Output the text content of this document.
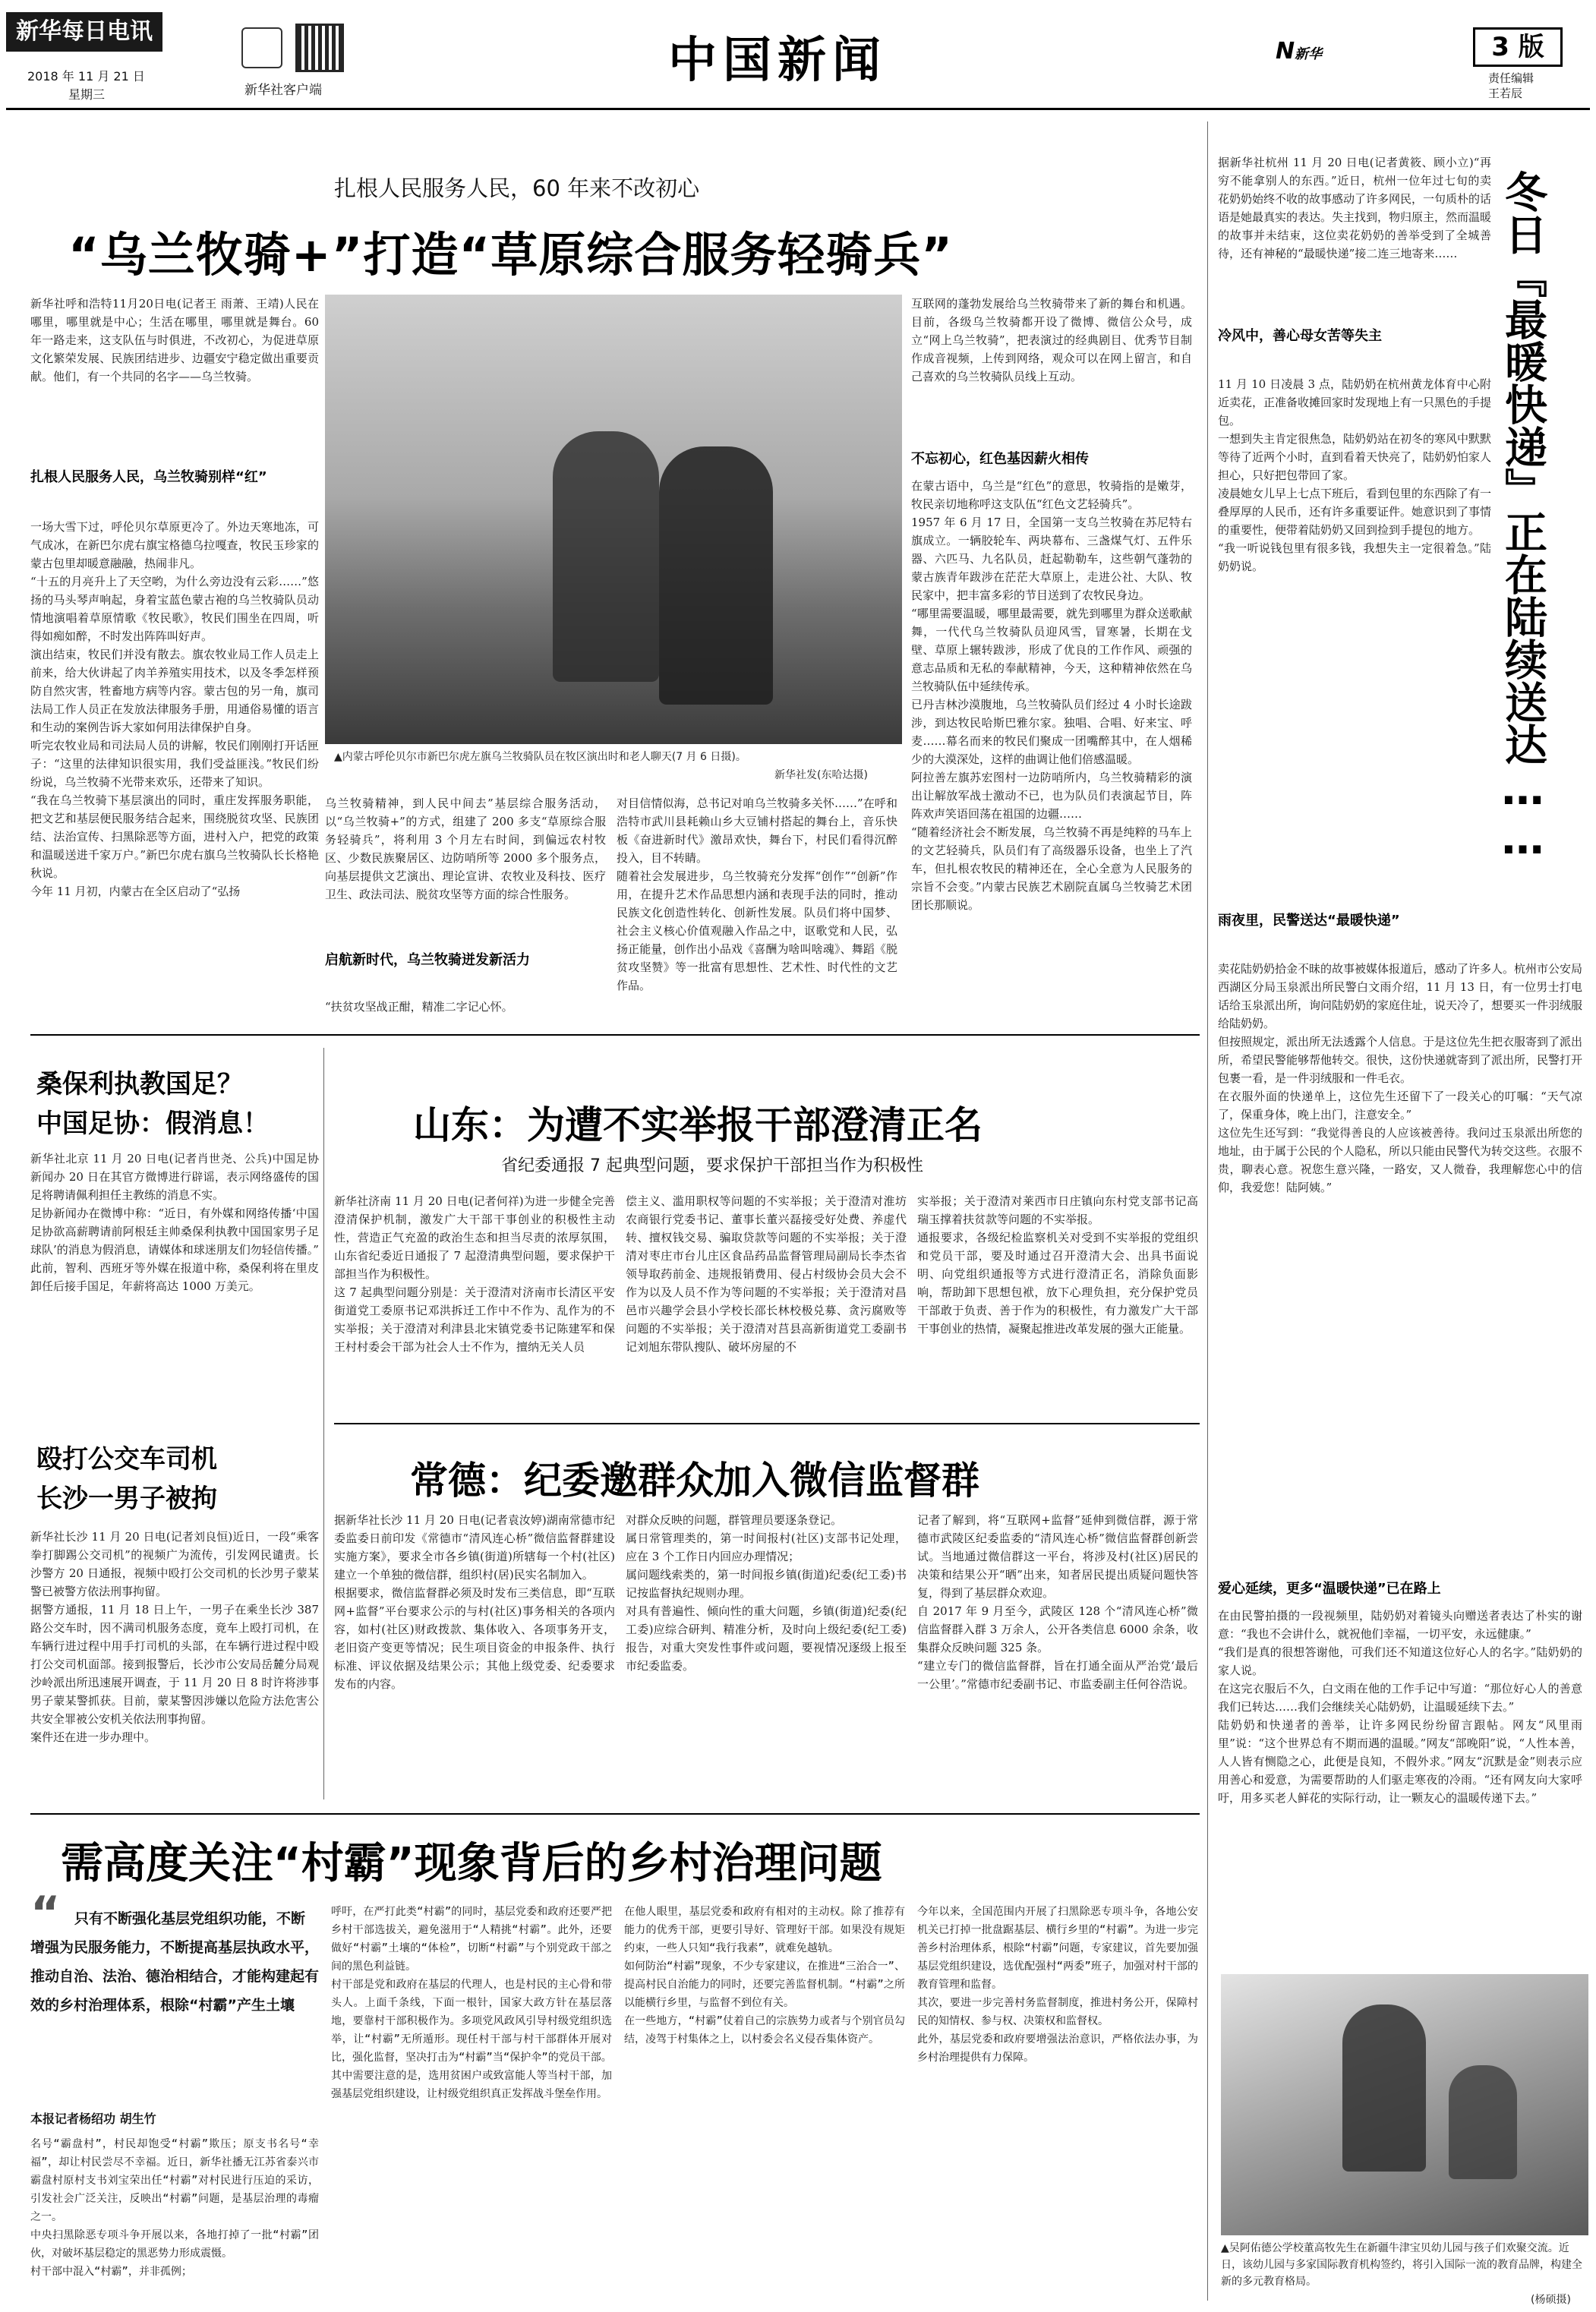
新华每日电讯
2018 年 11 月 21 日
星期三	新华社客户端
中国新闻	N新华	3 版
责任编辑
王若辰
扎根人民服务人民，60 年来不改初心
“乌兰牧骑+”打造“草原综合服务轻骑兵”
新华社呼和浩特11月20日电(记者王 雨萧、王靖)人民在哪里，哪里就是中心；生活在哪里，哪里就是舞台。60 年一路走来，这支队伍与时俱进，不改初心，为促进草原文化繁荣发展、民族团结进步、边疆安宁稳定做出重要贡献。他们，有一个共同的名字——乌兰牧骑。
扎根人民服务人民，乌兰牧骑别样“红”
一场大雪下过，呼伦贝尔草原更冷了。外边天寒地冻，可气成冰，在新巴尔虎右旗宝格德乌拉嘎查，牧民玉珍家的蒙古包里却暖意融融，热闹非凡。
“十五的月亮升上了天空哟，为什么旁边没有云彩……”悠扬的马头琴声响起，身着宝蓝色蒙古袍的乌兰牧骑队员动情地演唱着草原情歌《牧民歌》，牧民们围坐在四周，听得如痴如醉，不时发出阵阵叫好声。
演出结束，牧民们并没有散去。旗农牧业局工作人员走上前来，给大伙讲起了肉羊养殖实用技术，以及冬季怎样预防自然灾害，牲畜地方病等内容。蒙古包的另一角，旗司法局工作人员正在发放法律服务手册，用通俗易懂的语言和生动的案例告诉大家如何用法律保护自身。
听完农牧业局和司法局人员的讲解，牧民们刚刚打开话匣子：“这里的法律知识很实用，我们受益匪浅。”牧民们纷纷说，乌兰牧骑不光带来欢乐，还带来了知识。
“我在乌兰牧骑下基层演出的同时，重庄发挥服务职能，把文艺和基层便民服务结合起来，围绕脱贫攻坚、民族团结、法治宣传、扫黑除恶等方面，进村入户，把党的政策和温暖送进千家万户。”新巴尔虎右旗乌兰牧骑队长长格艳秋说。
今年 11 月初，内蒙古在全区启动了“弘扬
▲内蒙古呼伦贝尔市新巴尔虎左旗乌兰牧骑队员在牧区演出时和老人聊天(7 月 6 日摄)。
新华社发(东哈达摄)
乌兰牧骑精神，到人民中间去”基层综合服务活动，以“乌兰牧骑+”的方式，组建了 200 多支“草原综合服务轻骑兵”，将利用 3 个月左右时间，到偏远农村牧区、少数民族聚居区、边防哨所等 2000 多个服务点，向基层提供文艺演出、理论宣讲、农牧业及科技、医疗卫生、政法司法、脱贫攻坚等方面的综合性服务。
启航新时代，乌兰牧骑迸发新活力
“扶贫攻坚战正酣，精准二字记心怀。
对目信情似海，总书记对咱乌兰牧骑多关怀……”在呼和浩特市武川县耗赖山乡大豆铺村搭起的舞台上，音乐快板《奋进新时代》激昂欢快，舞台下，村民们看得沉醉投入，目不转睛。
随着社会发展进步，乌兰牧骑充分发挥“创作”“创新”作用，在提升艺术作品思想内涵和表现手法的同时，推动民族文化创造性转化、创新性发展。队员们将中国梦、社会主义核心价值观融入作品之中，讴歌党和人民，弘扬正能量，创作出小品戏《喜酬为啥叫啥魂》、舞蹈《脱贫攻坚赞》等一批富有思想性、艺术性、时代性的文艺作品。
互联网的蓬勃发展给乌兰牧骑带来了新的舞台和机遇。目前，各级乌兰牧骑都开设了微博、微信公众号，成立“网上乌兰牧骑”，把表演过的经典剧目、优秀节目制作成音视频，上传到网络，观众可以在网上留言，和自己喜欢的乌兰牧骑队员线上互动。
不忘初心，红色基因薪火相传
在蒙古语中，乌兰是“红色”的意思，牧骑指的是嫩芽，牧民亲切地称呼这支队伍“红色文艺轻骑兵”。
1957 年 6 月 17 日，全国第一支乌兰牧骑在苏尼特右旗成立。一辆胶轮车、两块幕布、三盏煤气灯、五件乐器、六匹马、九名队员，赶起勒勒车，这些朝气蓬勃的蒙古族青年跋涉在茫茫大草原上，走进公社、大队、牧民家中，把丰富多彩的节目送到了农牧民身边。
“哪里需要温暖，哪里最需要，就先到哪里为群众送歌献舞，一代代乌兰牧骑队员迎风雪，冒寒暑，长期在戈壁、草原上辗转跋涉，形成了优良的工作作风、顽强的意志品质和无私的奉献精神，今天，这种精神依然在乌兰牧骑队伍中延续传承。
已丹吉林沙漠腹地，乌兰牧骑队员们经过 4 小时长途跋涉，到达牧民哈斯巴雅尔家。独唱、合唱、好来宝、呼麦……幕名而来的牧民们聚成一团嘴醉其中，在人烟稀少的大漠深处，这样的曲调让他们倍感温暖。
阿拉善左旗苏宏图村一边防哨所内，乌兰牧骑精彩的演出让解放军战士激动不已，也为队员们表演起节目，阵阵欢声笑语回荡在祖国的边疆……
“随着经济社会不断发展，乌兰牧骑不再是纯粹的马车上的文艺轻骑兵，队员们有了高级器乐设备，也坐上了汽车，但扎根农牧民的精神还在，全心全意为人民服务的宗旨不会变。”内蒙古民族艺术剧院直属乌兰牧骑艺术团团长那顺说。
桑保利执教国足？
中国足协：假消息！
新华社北京 11 月 20 日电(记者肖世尧、公兵)中国足协新闻办 20 日在其官方微博进行辟谣，表示网络盛传的国足将聘请佩利担任主教练的消息不实。
足协新闻办在微博中称：“近日，有外媒和网络传播‘中国足协欲高薪聘请前阿根廷主帅桑保利执教中国国家男子足球队’的消息为假消息，请媒体和球迷朋友们勿轻信传播。”
此前，智利、西班牙等外媒在报道中称，桑保利将在里皮卸任后接手国足，年薪将高达 1000 万美元。
殴打公交车司机
长沙一男子被拘
新华社长沙 11 月 20 日电(记者刘良恒)近日，一段“乘客拳打脚踢公交司机”的视频广为流传，引发网民谴责。长沙警方 20 日通报，视频中殴打公交司机的长沙男子蒙某警已被警方依法刑事拘留。
据警方通报，11 月 18 日上午，一男子在乘坐长沙 387 路公交车时，因不满司机服务态度，竟车上殴打司机，在车辆行进过程中用手打司机的头部，在车辆行进过程中殴打公交司机面部。接到报警后，长沙市公安局岳麓分局观沙岭派出所迅速展开调查，于 11 月 20 日 8 时许将涉事男子蒙某警抓获。目前，蒙某警因涉嫌以危险方法危害公共安全罪被公安机关依法刑事拘留。
案件还在进一步办理中。
山东：为遭不实举报干部澄清正名
省纪委通报 7 起典型问题，要求保护干部担当作为积极性
新华社济南 11 月 20 日电(记者何祥)为进一步健全完善澄清保护机制，激发广大干部干事创业的积极性主动性，营造正气充盈的政治生态和担当尽责的浓厚氛围，山东省纪委近日通报了 7 起澄清典型问题，要求保护干部担当作为积极性。
这 7 起典型问题分别是：关于澄清对济南市长清区平安街道党工委原书记邓洪拆迁工作中不作为、乱作为的不实举报；关于澄清对利津县北宋镇党委书记陈建军和保王村村委会干部为社会人士不作为，擅纳无关人员
偿主义、滥用职权等问题的不实举报；关于澄清对淮坊农商银行党委书记、董事长董兴磊接受好处费、养虚代转、擅权钱交易、骗取贷款等问题的不实举报；关于澄清对枣庄市台儿庄区食品药品监督管理局副局长李杰省领导取药前金、违规报销费用、侵占村级协会员大会不作为以及人员不作为等问题的不实举报；关于澄清对昌邑市兴趣学会县小学校长邵长林校极兑募、贪污腐败等问题的不实举报；关于澄清对莒县高新街道党工委副书记刘旭东带队搜队、破坏房屋的不
实举报；关于澄清对莱西市日庄镇向东村党支部书记高瑞玉撑着扶贫款等问题的不实举报。
通报要求，各级纪检监察机关对受到不实举报的党组织和党员干部，要及时通过召开澄清大会、出具书面说明、向党组织通报等方式进行澄清正名，消除负面影响，帮助卸下思想包袱，放下心理负担，充分保护党员干部敢于负责、善于作为的积极性，有力激发广大干部干事创业的热情，凝聚起推进改革发展的强大正能量。
常德：纪委邀群众加入微信监督群
据新华社长沙 11 月 20 日电(记者袁汝婷)湖南常德市纪委监委日前印发《常德市“清风连心桥”微信监督群建设实施方案》，要求全市各乡镇(街道)所辖每一个村(社区)建立一个单独的微信群，组织村(居)民实名制加入。
根据要求，微信监督群必须及时发布三类信息，即“互联网+监督”平台要求公示的与村(社区)事务相关的各项内容，如村(社区)财政拨款、集体收入、各项事务开支，老旧资产变更等情况；民生项目资金的申报条件、执行标准、评议依据及结果公示；其他上级党委、纪委要求发布的内容。
对群众反映的问题，群管理员要逐条登记。
属日常管理类的，第一时间报村(社区)支部书记处理，应在 3 个工作日内回应办理情况；
属问题线索类的，第一时间报乡镇(街道)纪委(纪工委)书记按监督执纪规则办理。
对具有普遍性、倾向性的重大问题，乡镇(街道)纪委(纪工委)应综合研判、精准分析，及时向上级纪委(纪工委)报告，对重大突发性事件或问题，要视情况逐级上报至市纪委监委。
记者了解到，将“互联网+监督”延伸到微信群，源于常德市武陵区纪委监委的“清风连心桥”微信监督群创新尝试。当地通过微信群这一平台，将涉及村(社区)居民的决策和结果公开“晒”出来，知者居民提出质疑问题快答复，得到了基层群众欢迎。
自 2017 年 9 月至今，武陵区 128 个“清风连心桥”微信监督群入群 3 万余人，公开各类信息 6000 余条，收集群众反映问题 325 条。
“建立专门的微信监督群，旨在打通全面从严治党‘最后一公里’。”常德市纪委副书记、市监委副主任何谷浩说。
需高度关注“村霸”现象背后的乡村治理问题
“ 只有不断强化基层党组织功能，不断增强为民服务能力，不断提高基层执政水平，推动自治、法治、德治相结合，才能构建起有效的乡村治理体系，根除“村霸”产生土壤
本报记者杨绍功 胡生竹
名号“霸盘村”，村民却饱受“村霸”欺压；原支书名号“幸福”，却让村民尝尽不幸福。近日，新华社播无江苏省泰兴市霸盘村原村支书刘宝荣出任“村霸”对村民进行压迫的采访，引发社会广泛关注，反映出“村霸”问题，是基层治理的毒瘤之一。
中央扫黑除恶专项斗争开展以来，各地打掉了一批“村霸”团伙，对破坏基层稳定的黑恶势力形成震慑。
村干部中混入“村霸”，并非孤例；
呼吁，在严打此类“村霸”的同时，基层党委和政府还要严把乡村干部选拔关，避免滋用于“人精挑“村霸”。此外，还要做好“村霸”土壤的“体检”，切断“村霸”与个别党政干部之间的黑色利益链。
村干部是党和政府在基层的代理人，也是村民的主心骨和带头人。上面千条线，下面一根针，国家大政方针在基层落地，要靠村干部积极作为。多项党风政风引导村级党组织选举，让“村霸”无所遁形。现任村干部与村干部群体开展对比，强化监督，坚决打击为“村霸”当“保护伞”的党员干部。
其中需要注意的是，选用贫困户或致富能人等当村干部，加强基层党组织建设，让村级党组织真正发挥战斗堡垒作用。
在他人眼里，基层党委和政府有相对的主动权。除了推荐有能力的优秀干部，更要引导好、管理好干部。如果没有规矩约束，一些人只知“我行我素”，就难免越轨。
如何防治“村霸”现象，不少专家建议，在推进“三治合一”、提高村民自治能力的同时，还要完善监督机制。“村霸”之所以能横行乡里，与监督不到位有关。
在一些地方，“村霸”仗着自己的宗族势力或者与个别官员勾结，凌驾于村集体之上，以村委会名义侵吞集体资产。
今年以来，全国范围内开展了扫黑除恶专项斗争，各地公安机关已打掉一批盘踞基层、横行乡里的“村霸”。为进一步完善乡村治理体系，根除“村霸”问题，专家建议，首先要加强基层党组织建设，选优配强村“两委”班子，加强对村干部的教育管理和监督。
其次，要进一步完善村务监督制度，推进村务公开，保障村民的知情权、参与权、决策权和监督权。
此外，基层党委和政府要增强法治意识，严格依法办事，为乡村治理提供有力保障。
据新华社杭州 11 月 20 日电(记者黄筱、顾小立)“再穷不能拿别人的东西。”近日，杭州一位年过七旬的卖花奶奶始终不收的故事感动了许多网民，一句质朴的话语是她最真实的表达。失主找到，物归原主，然而温暖的故事并未结束，这位卖花奶奶的善举受到了全城善待，还有神秘的“最暖快递”接二连三地寄来…… 冬日『最暖快递』正在陆续送达……
冷风中，善心母女苦等失主
11 月 10 日凌晨 3 点，陆奶奶在杭州黄龙体育中心附近卖花，正准备收摊回家时发现地上有一只黑色的手提包。
一想到失主肯定很焦急，陆奶奶站在初冬的寒风中默默等待了近两个小时，直到看着天快亮了，陆奶奶怕家人担心，只好把包带回了家。
凌晨她女儿早上七点下班后，看到包里的东西除了有一叠厚厚的人民币，还有许多重要证件。她意识到了事情的重要性，便带着陆奶奶又回到捡到手提包的地方。
“我一听说钱包里有很多钱，我想失主一定很着急。”陆奶奶说。
雨夜里，民警送达“最暖快递”
卖花陆奶奶拾金不昧的故事被媒体报道后，感动了许多人。杭州市公安局西湖区分局玉泉派出所民警白文雨介绍，11 月 13 日，有一位男士打电话给玉泉派出所，询问陆奶奶的家庭住址，说天冷了，想要买一件羽绒服给陆奶奶。
但按照规定，派出所无法透露个人信息。于是这位先生把衣服寄到了派出所，希望民警能够帮他转交。很快，这份快递就寄到了派出所，民警打开包裹一看，是一件羽绒服和一件毛衣。
在衣服外面的快递单上，这位先生还留下了一段关心的叮嘱：“天气凉了，保重身体，晚上出门，注意安全。”
这位先生还写到：“我觉得善良的人应该被善待。我问过玉泉派出所您的地址，由于属于公民的个人隐私，所以只能由民警代为转交这些。衣服不贵，聊表心意。祝您生意兴隆，一路安，又人微眷，我理解您心中的信仰，我爱您！陆阿姨。”
爱心延续，更多“温暖快递”已在路上
在由民警拍摄的一段视频里，陆奶奶对着镜头向赠送者表达了朴实的谢意：“我也不会讲什么，就祝他们幸福，一切平安，永远健康。”
“我们是真的很想答谢他，可我们还不知道这位好心人的名字。”陆奶奶的家人说。
在这完衣服后不久，白文雨在他的工作手记中写道：“那位好心人的善意我们已转达……我们会继续关心陆奶奶，让温暖延续下去。”
陆奶奶和快递者的善举，让许多网民纷纷留言跟帖。网友“风里雨里”说：“这个世界总有不期而遇的温暖。”网友“部晚阳”说，“人性本善，人人皆有恻隐之心，此便是良知，不假外求。”网友“沉默是金”则表示应用善心和爱意，为需要帮助的人们驱走寒夜的冷雨。“还有网友向大家呼吁，用多买老人鲜花的实际行动，让一颗友心的温暖传递下去。”
▲吴阿佑德公学校董高牧先生在新疆牛津宝贝幼儿园与孩子们欢聚交流。近日，该幼儿园与多家国际教育机构签约，将引入国际一流的教育品牌，构建全新的多元教育格局。
(杨硕摄)
